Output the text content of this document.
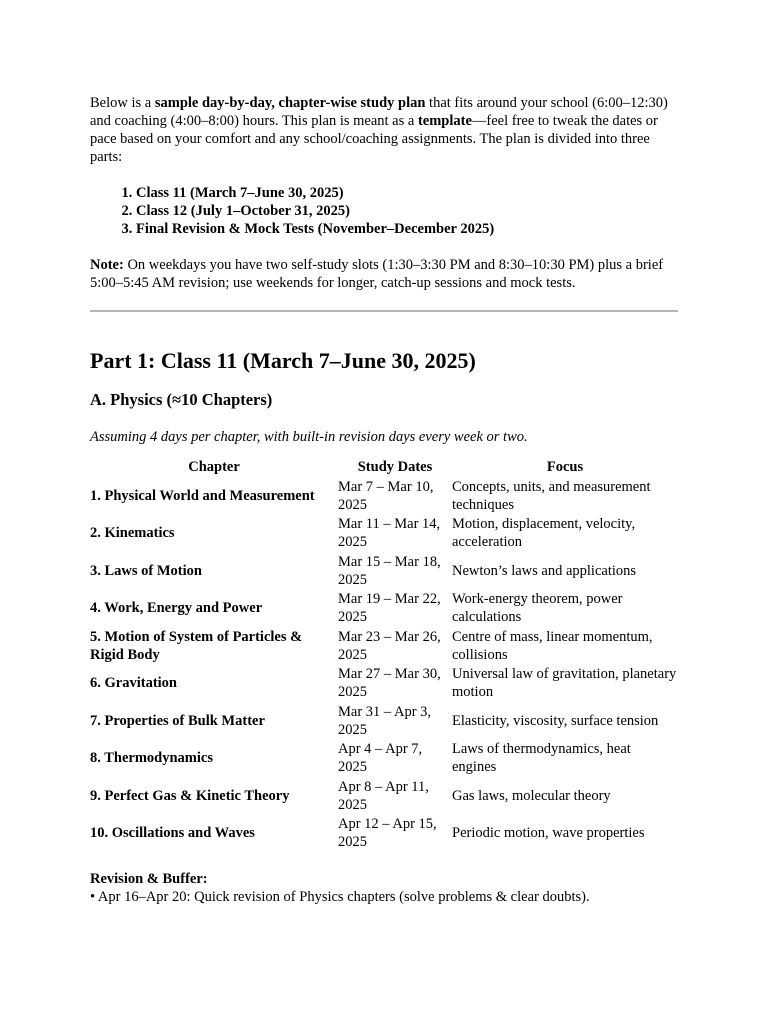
Below is a sample day-by-day, chapter-wise study plan that fits around your school (6:00–12:30) and coaching (4:00–8:00) hours. This plan is meant as a template—feel free to tweak the dates or pace based on your comfort and any school/coaching assignments. The plan is divided into three parts:

1. Class 11 (March 7–June 30, 2025)
2. Class 12 (July 1–October 31, 2025)
3. Final Revision & Mock Tests (November–December 2025)

Note: On weekdays you have two self-study slots (1:30–3:30 PM and 8:30–10:30 PM) plus a brief 5:00–5:45 AM revision; use weekends for longer, catch-up sessions and mock tests.

Part 1: Class 11 (March 7–June 30, 2025)
A. Physics (≈10 Chapters)

Assuming 4 days per chapter, with built-in revision days every week or two.

Chapter	Study Dates	Focus
1. Physical World and Measurement	Mar 7 – Mar 10, 2025	Concepts, units, and measurement techniques
2. Kinematics	Mar 11 – Mar 14, 2025	Motion, displacement, velocity, acceleration
3. Laws of Motion	Mar 15 – Mar 18, 2025	Newton’s laws and applications
4. Work, Energy and Power	Mar 19 – Mar 22, 2025	Work-energy theorem, power calculations
5. Motion of System of Particles & Rigid Body	Mar 23 – Mar 26, 2025	Centre of mass, linear momentum, collisions
6. Gravitation	Mar 27 – Mar 30, 2025	Universal law of gravitation, planetary motion
7. Properties of Bulk Matter	Mar 31 – Apr 3, 2025	Elasticity, viscosity, surface tension
8. Thermodynamics	Apr 4 – Apr 7, 2025	Laws of thermodynamics, heat engines
9. Perfect Gas & Kinetic Theory	Apr 8 – Apr 11, 2025	Gas laws, molecular theory
10. Oscillations and Waves	Apr 12 – Apr 15, 2025	Periodic motion, wave properties

Revision & Buffer:

• Apr 16–Apr 20: Quick revision of Physics chapters (solve problems & clear doubts).
